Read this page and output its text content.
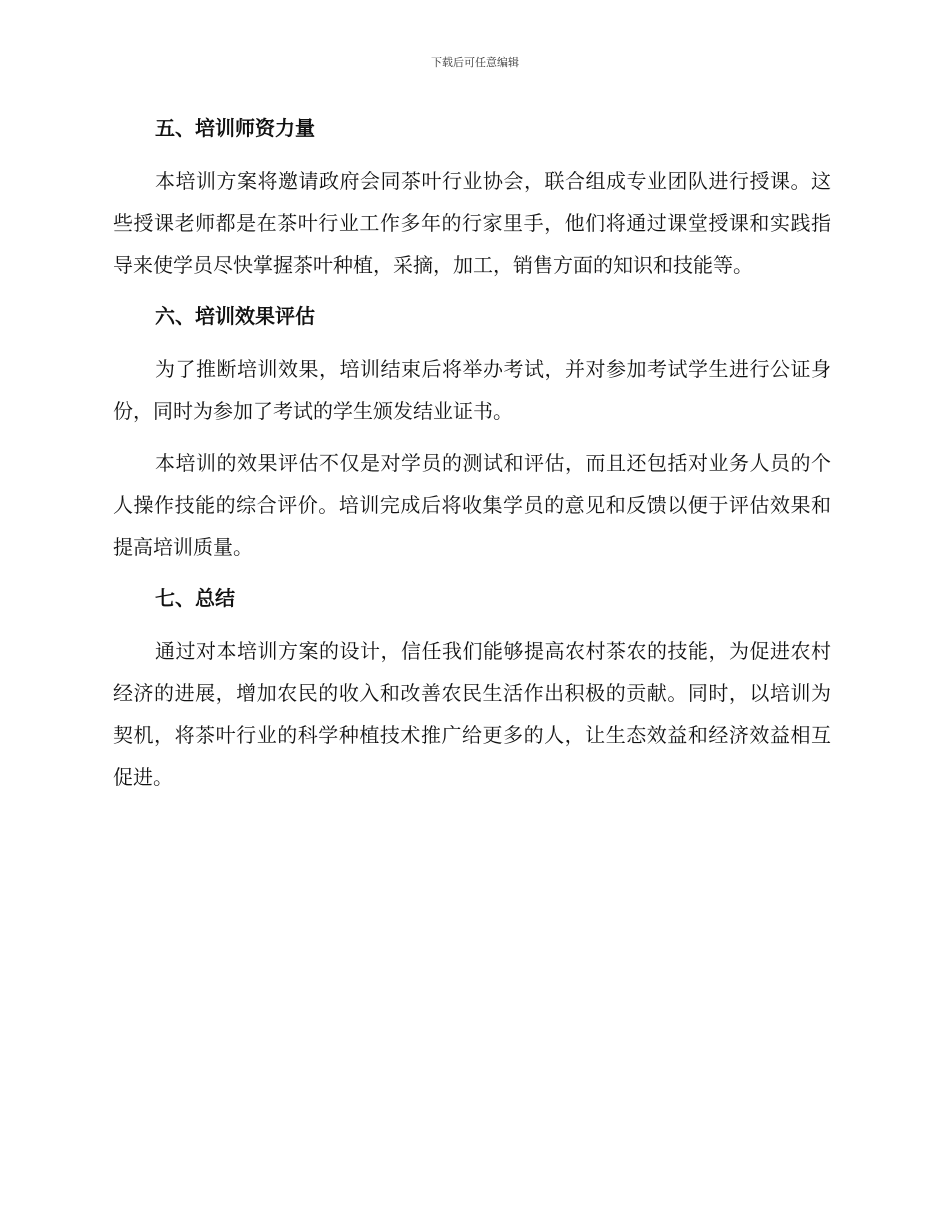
下载后可任意编辑
五、培训师资力量

本培训方案将邀请政府会同茶叶行业协会，联合组成专业团队进行授课。这些授课老师都是在茶叶行业工作多年的行家里手，他们将通过课堂授课和实践指导来使学员尽快掌握茶叶种植，采摘，加工，销售方面的知识和技能等。

六、培训效果评估

为了推断培训效果，培训结束后将举办考试，并对参加考试学生进行公证身份，同时为参加了考试的学生颁发结业证书。

本培训的效果评估不仅是对学员的测试和评估，而且还包括对业务人员的个人操作技能的综合评价。培训完成后将收集学员的意见和反馈以便于评估效果和提高培训质量。

七、总结

通过对本培训方案的设计，信任我们能够提高农村茶农的技能，为促进农村经济的进展，增加农民的收入和改善农民生活作出积极的贡献。同时，以培训为契机，将茶叶行业的科学种植技术推广给更多的人，让生态效益和经济效益相互促进。
